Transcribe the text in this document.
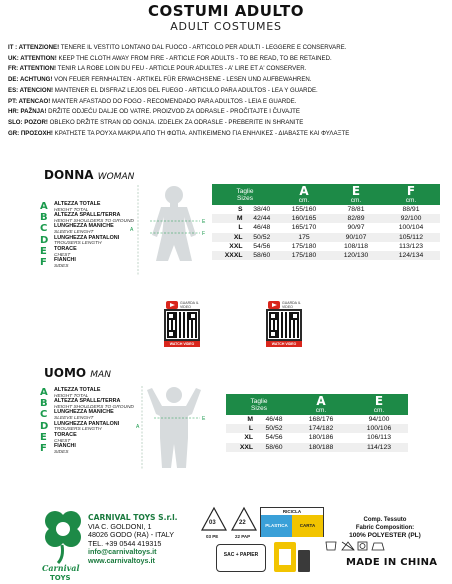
COSTUMI ADULTO
ADULT COSTUMES
IT : ATTENZIONE! TENERE IL VESTITO LONTANO DAL FUOCO - ARTICOLO PER ADULTI - LEGGERE E CONSERVARE.
UK: ATTENTION! KEEP THE CLOTH AWAY FROM FIRE - ARTICLE FOR ADULTS - TO BE READ, TO BE RETAINED.
FR: ATTENTION! TENIR LA ROBE LOIN DU FEU - ARTICLE POUR ADULTES - A' LIRE ET A' CONSERVER.
DE: ACHTUNG! VON FEUER FERNHALTEN - ARTIKEL FÜR ERWACHSENE - LESEN UND AUFBEWAHREN.
ES: ATENCION! MANTENER EL DISFRAZ LEJOS DEL FUEGO - ARTICULO PARA ADULTOS - LEA Y GUARDE.
PT: ATENCAO! MANTER AFASTADO DO FOGO - RECOMENDADO PARA ADULTOS - LEIA E GUARDE.
HR: PAŽNJA! DRŽITE ODJEĆU DALJE OD VATRE. PROIZVOD ZA ODRASLE - PROČITAJTE I ČUVAJTE
SLO: POZOR! OBLEKO DRŽITE STRAN OD OGNJA. IZDELEK ZA ODRASLE - PREBERITE IN SHRANITE
GR: ΠΡΟΣΟΧΗ! ΚΡΑΤΗΣΤΕ ΤΑ ΡΟΥΧΑ ΜΑΚΡΙΑ ΑΠΟ ΤΗ ΦΩΤΙΑ. ΑΝΤΙΚΕΙΜΕΝΟ ΓΙΑ ΕΝΗΛΙΚΕΣ - ΔΙΑΒΑΣΤΕ ΚΑΙ ΦΥΛΑΞΤΕ
DONNA WOMAN
A ALTEZZA TOTALE
HEIGHT TOTAL
B ALTEZZA SPALLE/TERRA
HEIGHT SHOULDERS TO GROUND
C LUNGHEZZA MANICHE
SLEEVE LENGHT
D LUNGHEZZA PANTALONI
TROUSERS LENGTH
E TORACE
CHEST
F FIANCHI
SIDES
A
E
F
Taglie
Sizes		A
cm.	E
cm.	F
cm.
S	38/40	155/160	78/81	88/91
M	42/44	160/165	82/89	92/100
L	46/48	165/170	90/97	100/104
XL	50/52	175	90/107	105/112
XXL	54/56	175/180	108/118	113/123
XXXL	58/60	175/180	120/130	124/134
GUARDA IL VIDEO
WATCH VIDEO
GUARDA IL VIDEO
WATCH VIDEO
UOMO MAN
A ALTEZZA TOTALE
HEIGHT TOTAL
B ALTEZZA SPALLE/TERRA
HEIGHT SHOULDERS TO GROUND
C LUNGHEZZA MANICHE
SLEEVE LENGHT
D LUNGHEZZA PANTALONI
TROUSERS LENGTH
E TORACE
CHEST
F FIANCHI
SIDES
A
E
Taglie
Sizes		A
cm.	E
cm.
M	46/48	168/176	94/100
L	50/52	174/182	100/106
XL	54/56	180/186	106/113
XXL	58/60	180/188	114/123
Carnival
TOYS
CARNIVAL TOYS S.r.l.
VIA C. GOLDONI, 1
48026 GODO (RA) - ITALY
TEL. +39 0544 419315
info@carnivaltoys.it
www.carnivaltoys.it
03	22
03 PE	22 PAP
RICICLA
PLASTICA	CARTA
SAC + PAPIER
Comp. Tessuto
Fabric Composition:
100% POLYESTER (PL)
MADE IN CHINA
